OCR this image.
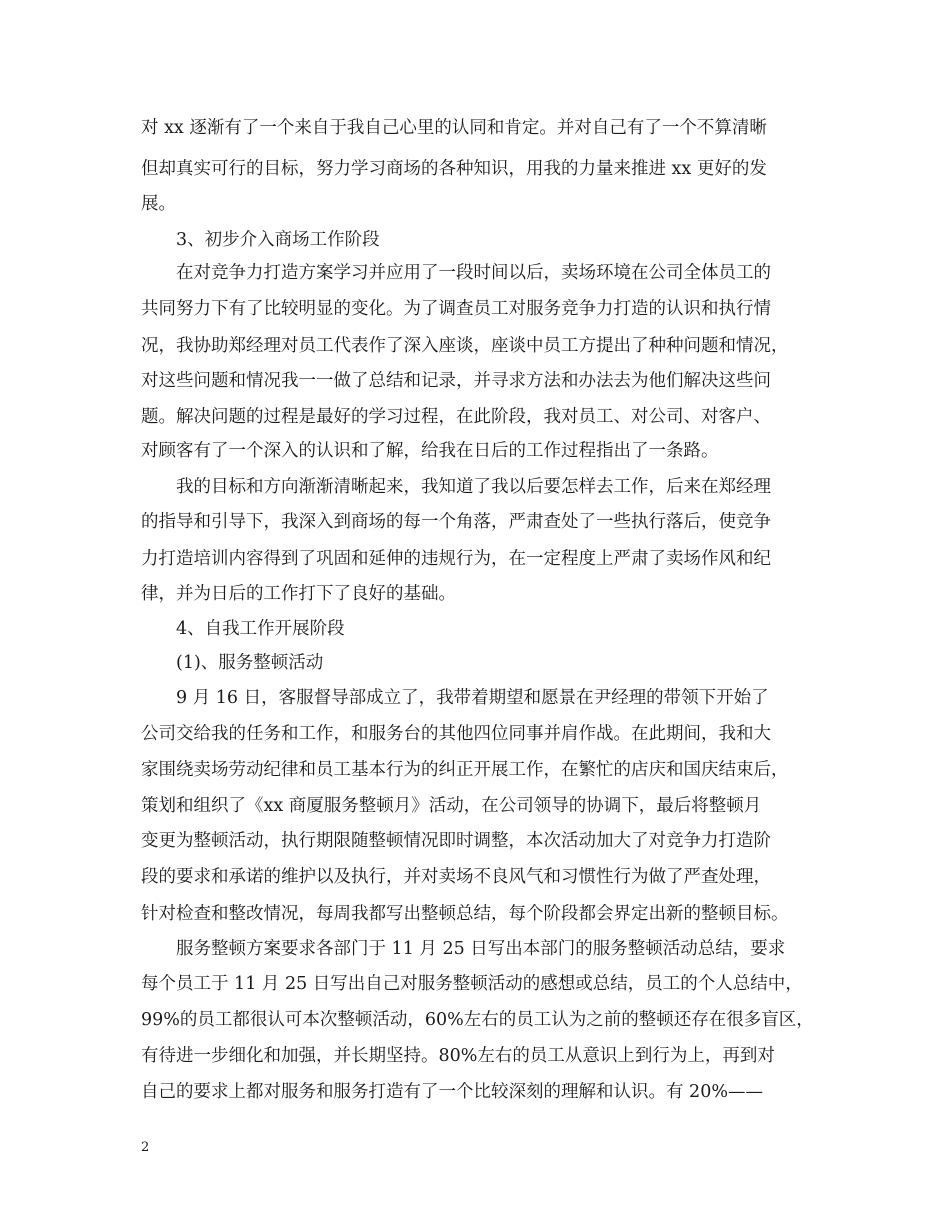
对 xx 逐渐有了一个来自于我自己心里的认同和肯定。并对自己有了一个不算清晰
但却真实可行的目标，努力学习商场的各种知识，用我的力量来推进 xx 更好的发
展。
3、初步介入商场工作阶段
在对竞争力打造方案学习并应用了一段时间以后，卖场环境在公司全体员工的
共同努力下有了比较明显的变化。为了调查员工对服务竞争力打造的认识和执行情
况，我协助郑经理对员工代表作了深入座谈，座谈中员工方提出了种种问题和情况，
对这些问题和情况我一一做了总结和记录，并寻求方法和办法去为他们解决这些问
题。解决问题的过程是最好的学习过程，在此阶段，我对员工、对公司、对客户、
对顾客有了一个深入的认识和了解，给我在日后的工作过程指出了一条路。
我的目标和方向渐渐清晰起来，我知道了我以后要怎样去工作，后来在郑经理
的指导和引导下，我深入到商场的每一个角落，严肃查处了一些执行落后，使竞争
力打造培训内容得到了巩固和延伸的违规行为，在一定程度上严肃了卖场作风和纪
律，并为日后的工作打下了良好的基础。
4、自我工作开展阶段
(1)、服务整顿活动
9 月 16 日，客服督导部成立了，我带着期望和愿景在尹经理的带领下开始了
公司交给我的任务和工作，和服务台的其他四位同事并肩作战。在此期间，我和大
家围绕卖场劳动纪律和员工基本行为的纠正开展工作，在繁忙的店庆和国庆结束后，
策划和组织了《xx 商厦服务整顿月》活动，在公司领导的协调下，最后将整顿月
变更为整顿活动，执行期限随整顿情况即时调整，本次活动加大了对竞争力打造阶
段的要求和承诺的维护以及执行，并对卖场不良风气和习惯性行为做了严查处理，
针对检查和整改情况，每周我都写出整顿总结，每个阶段都会界定出新的整顿目标。
服务整顿方案要求各部门于 11 月 25 日写出本部门的服务整顿活动总结，要求
每个员工于 11 月 25 日写出自己对服务整顿活动的感想或总结，员工的个人总结中，
99%的员工都很认可本次整顿活动，60%左右的员工认为之前的整顿还存在很多盲区，
有待进一步细化和加强，并长期坚持。80%左右的员工从意识上到行为上，再到对
自己的要求上都对服务和服务打造有了一个比较深刻的理解和认识。有 20%——
2
